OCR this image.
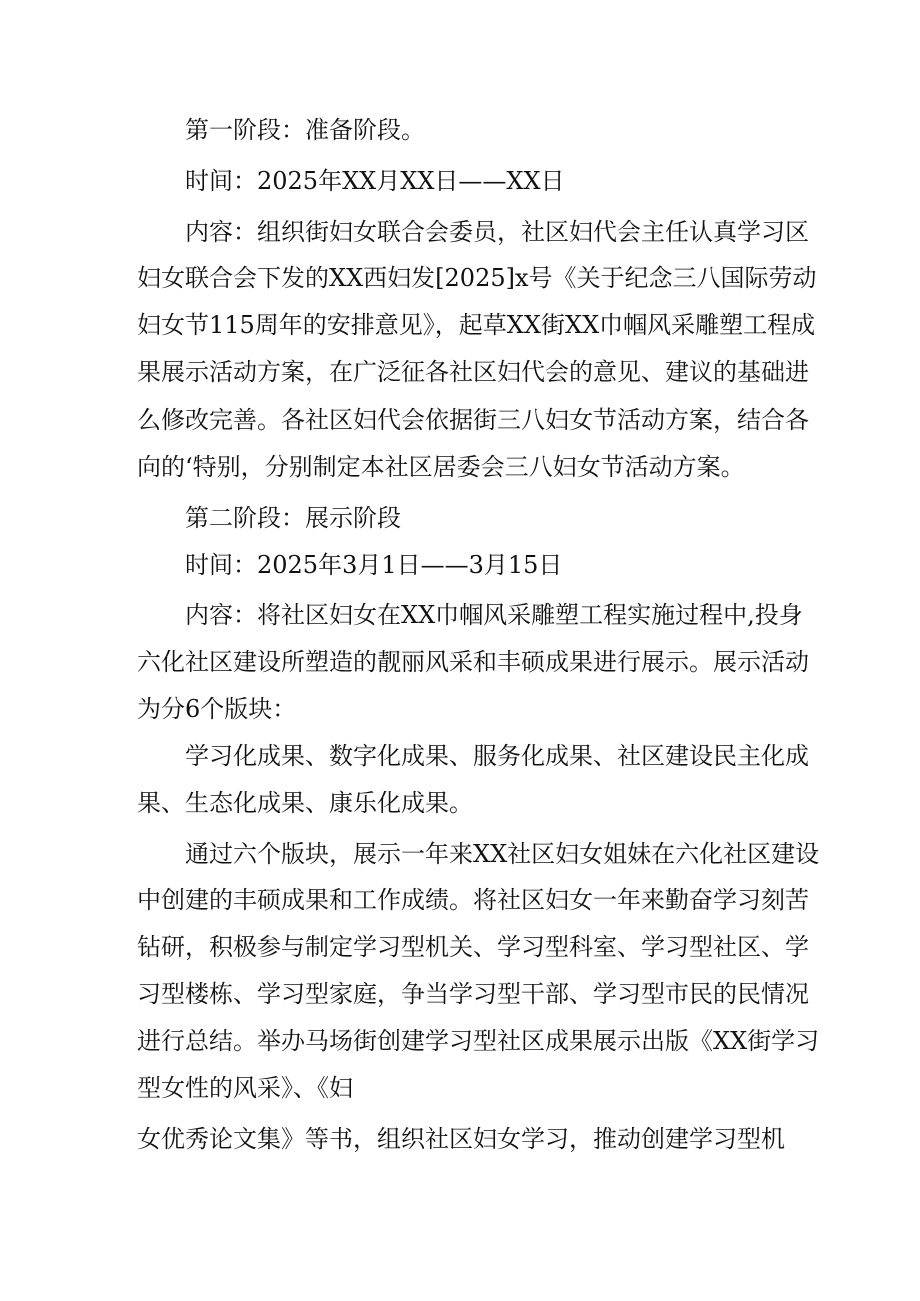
第一阶段：准备阶段。

时间：2025年XX月XX日——XX日

内容：组织街妇女联合会委员，社区妇代会主任认真学习区

妇女联合会下发的XX西妇发[2025]x号《关于纪念三八国际劳动

妇女节115周年的安排意见》，起草XX街XX巾帼风采雕塑工程成

果展示活动方案，在广泛征各社区妇代会的意见、建议的基础进

么修改完善。各社区妇代会依据街三八妇女节活动方案，结合各

向的‘特别，分别制定本社区居委会三八妇女节活动方案。

第二阶段：展示阶段

时间：2025年3月1日——3月15日

内容：将社区妇女在XX巾帼风采雕塑工程实施过程中,投身

六化社区建设所塑造的靓丽风采和丰硕成果进行展示。展示活动

为分6个版块：

学习化成果、数字化成果、服务化成果、社区建设民主化成

果、生态化成果、康乐化成果。

通过六个版块，展示一年来XX社区妇女姐妹在六化社区建设

中创建的丰硕成果和工作成绩。将社区妇女一年来勤奋学习刻苦

钻研，积极参与制定学习型机关、学习型科室、学习型社区、学

习型楼栋、学习型家庭，争当学习型干部、学习型市民的民情况

进行总结。举办马场街创建学习型社区成果展示出版《XX街学习

型女性的风采》、《妇

女优秀论文集》等书，组织社区妇女学习，推动创建学习型机
